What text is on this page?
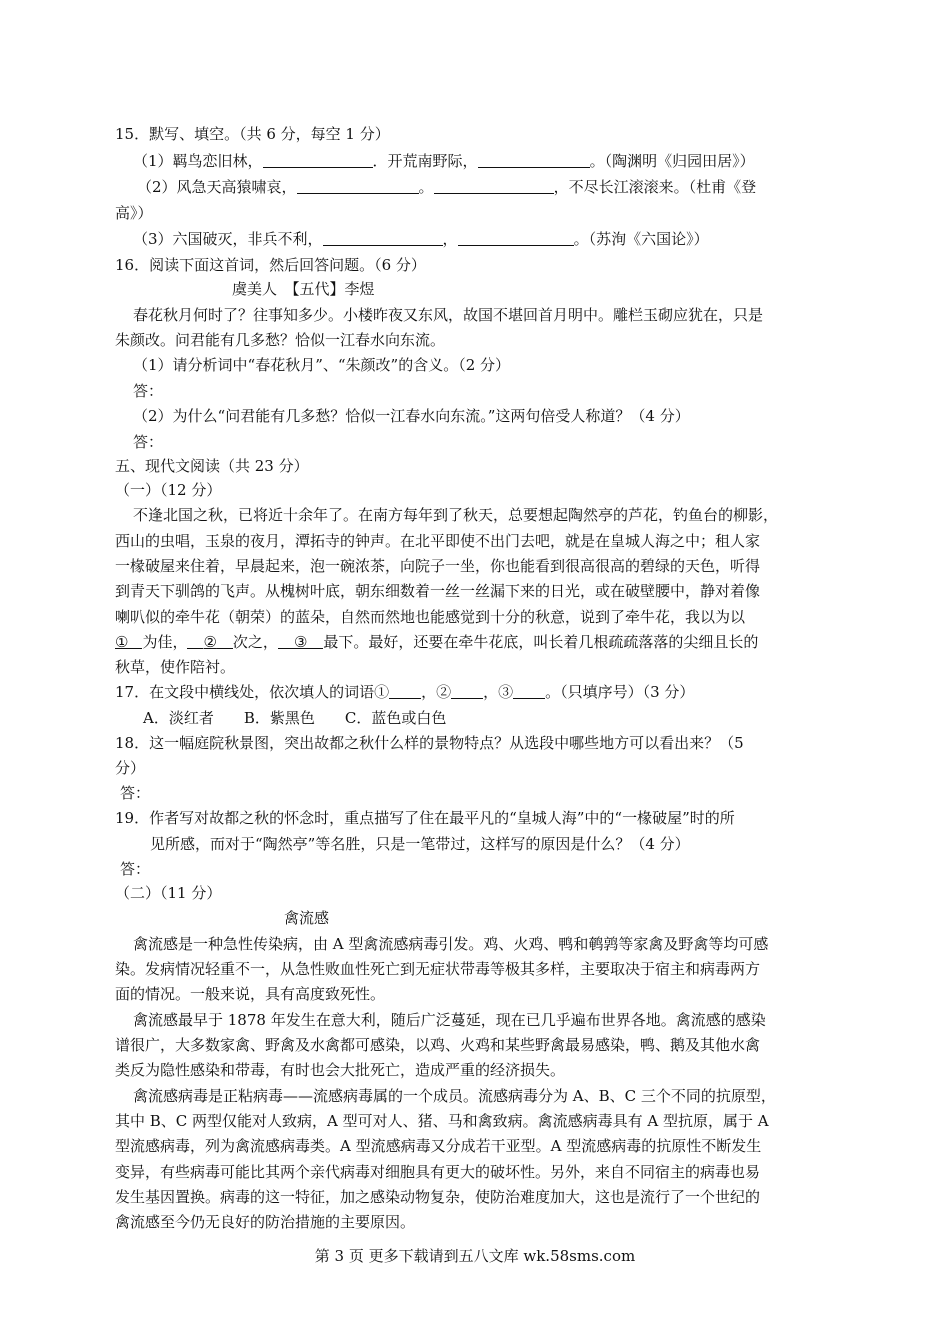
15．默写、填空。（共 6 分，每空 1 分）
（1）羁鸟恋旧林，	．开荒南野际，	。（陶渊明《归园田居》）
（2）风急天高猿啸哀，	。	，不尽长江滚滚来。（杜甫《登
高》）
（3）六国破灭，非兵不利，	，	。（苏洵《六国论》）
16．阅读下面这首词，然后回答问题。（6 分）
虞美人　【五代】李煜
春花秋月何时了？往事知多少。小楼昨夜又东风，故国不堪回首月明中。雕栏玉砌应犹在，只是
朱颜改。问君能有几多愁？恰似一江春水向东流。
（1）请分析词中“春花秋月”、“朱颜改”的含义。（2 分）
答：
（2）为什么“问君能有几多愁？恰似一江春水向东流。”这两句倍受人称道？（4 分）
答：
五、现代文阅读（共 23 分）
（一）（12 分）
不逢北国之秋，已将近十余年了。在南方每年到了秋天，总要想起陶然亭的芦花，钓鱼台的柳影，
西山的虫唱，玉泉的夜月，潭拓寺的钟声。在北平即使不出门去吧，就是在皇城人海之中；租人家
一椽破屋来住着，早晨起来，泡一碗浓茶，向院子一坐，你也能看到很高很高的碧绿的天色，听得
到青天下驯鸽的飞声。从槐树叶底，朝东细数着一丝一丝漏下来的日光，或在破壁腰中，静对着像
喇叭似的牵牛花（朝荣）的蓝朵，自然而然地也能感觉到十分的秋意，说到了牵牛花，我以为以
① 为佳， ② 次之， ③ 最下。最好，还要在牵牛花底，叫长着几根疏疏落落的尖细且长的
秋草，使作陪衬。
17．在文段中横线处，依次填人的词语① ，② ，③ 。（只填序号）（3 分）
A．淡红者　　B．紫黑色　　C．蓝色或白色
18．这一幅庭院秋景图，突出故都之秋什么样的景物特点？从选段中哪些地方可以看出来？（5
分）
答：
19．作者写对故都之秋的怀念时，重点描写了住在最平凡的“皇城人海”中的“一椽破屋”时的所
见所感，而对于“陶然亭”等名胜，只是一笔带过，这样写的原因是什么？（4 分）
答：
（二）（11 分）
禽流感
禽流感是一种急性传染病，由 A 型禽流感病毒引发。鸡、火鸡、鸭和鹌鹑等家禽及野禽等均可感
染。发病情况轻重不一，从急性败血性死亡到无症状带毒等极其多样，主要取决于宿主和病毒两方
面的情况。一般来说，具有高度致死性。
禽流感最早于 1878 年发生在意大利，随后广泛蔓延，现在已几乎遍布世界各地。禽流感的感染
谱很广，大多数家禽、野禽及水禽都可感染，以鸡、火鸡和某些野禽最易感染，鸭、鹅及其他水禽
类反为隐性感染和带毒，有时也会大批死亡，造成严重的经济损失。
禽流感病毒是正粘病毒——流感病毒属的一个成员。流感病毒分为 A、B、C 三个不同的抗原型，
其中 B、C 两型仅能对人致病，A 型可对人、猪、马和禽致病。禽流感病毒具有 A 型抗原，属于 A
型流感病毒，列为禽流感病毒类。A 型流感病毒又分成若干亚型。A 型流感病毒的抗原性不断发生
变异，有些病毒可能比其两个亲代病毒对细胞具有更大的破坏性。另外，来自不同宿主的病毒也易
发生基因置换。病毒的这一特征，加之感染动物复杂，使防治难度加大，这也是流行了一个世纪的
禽流感至今仍无良好的防治措施的主要原因。
第 3 页 更多下载请到五八文库 wk.58sms.com
